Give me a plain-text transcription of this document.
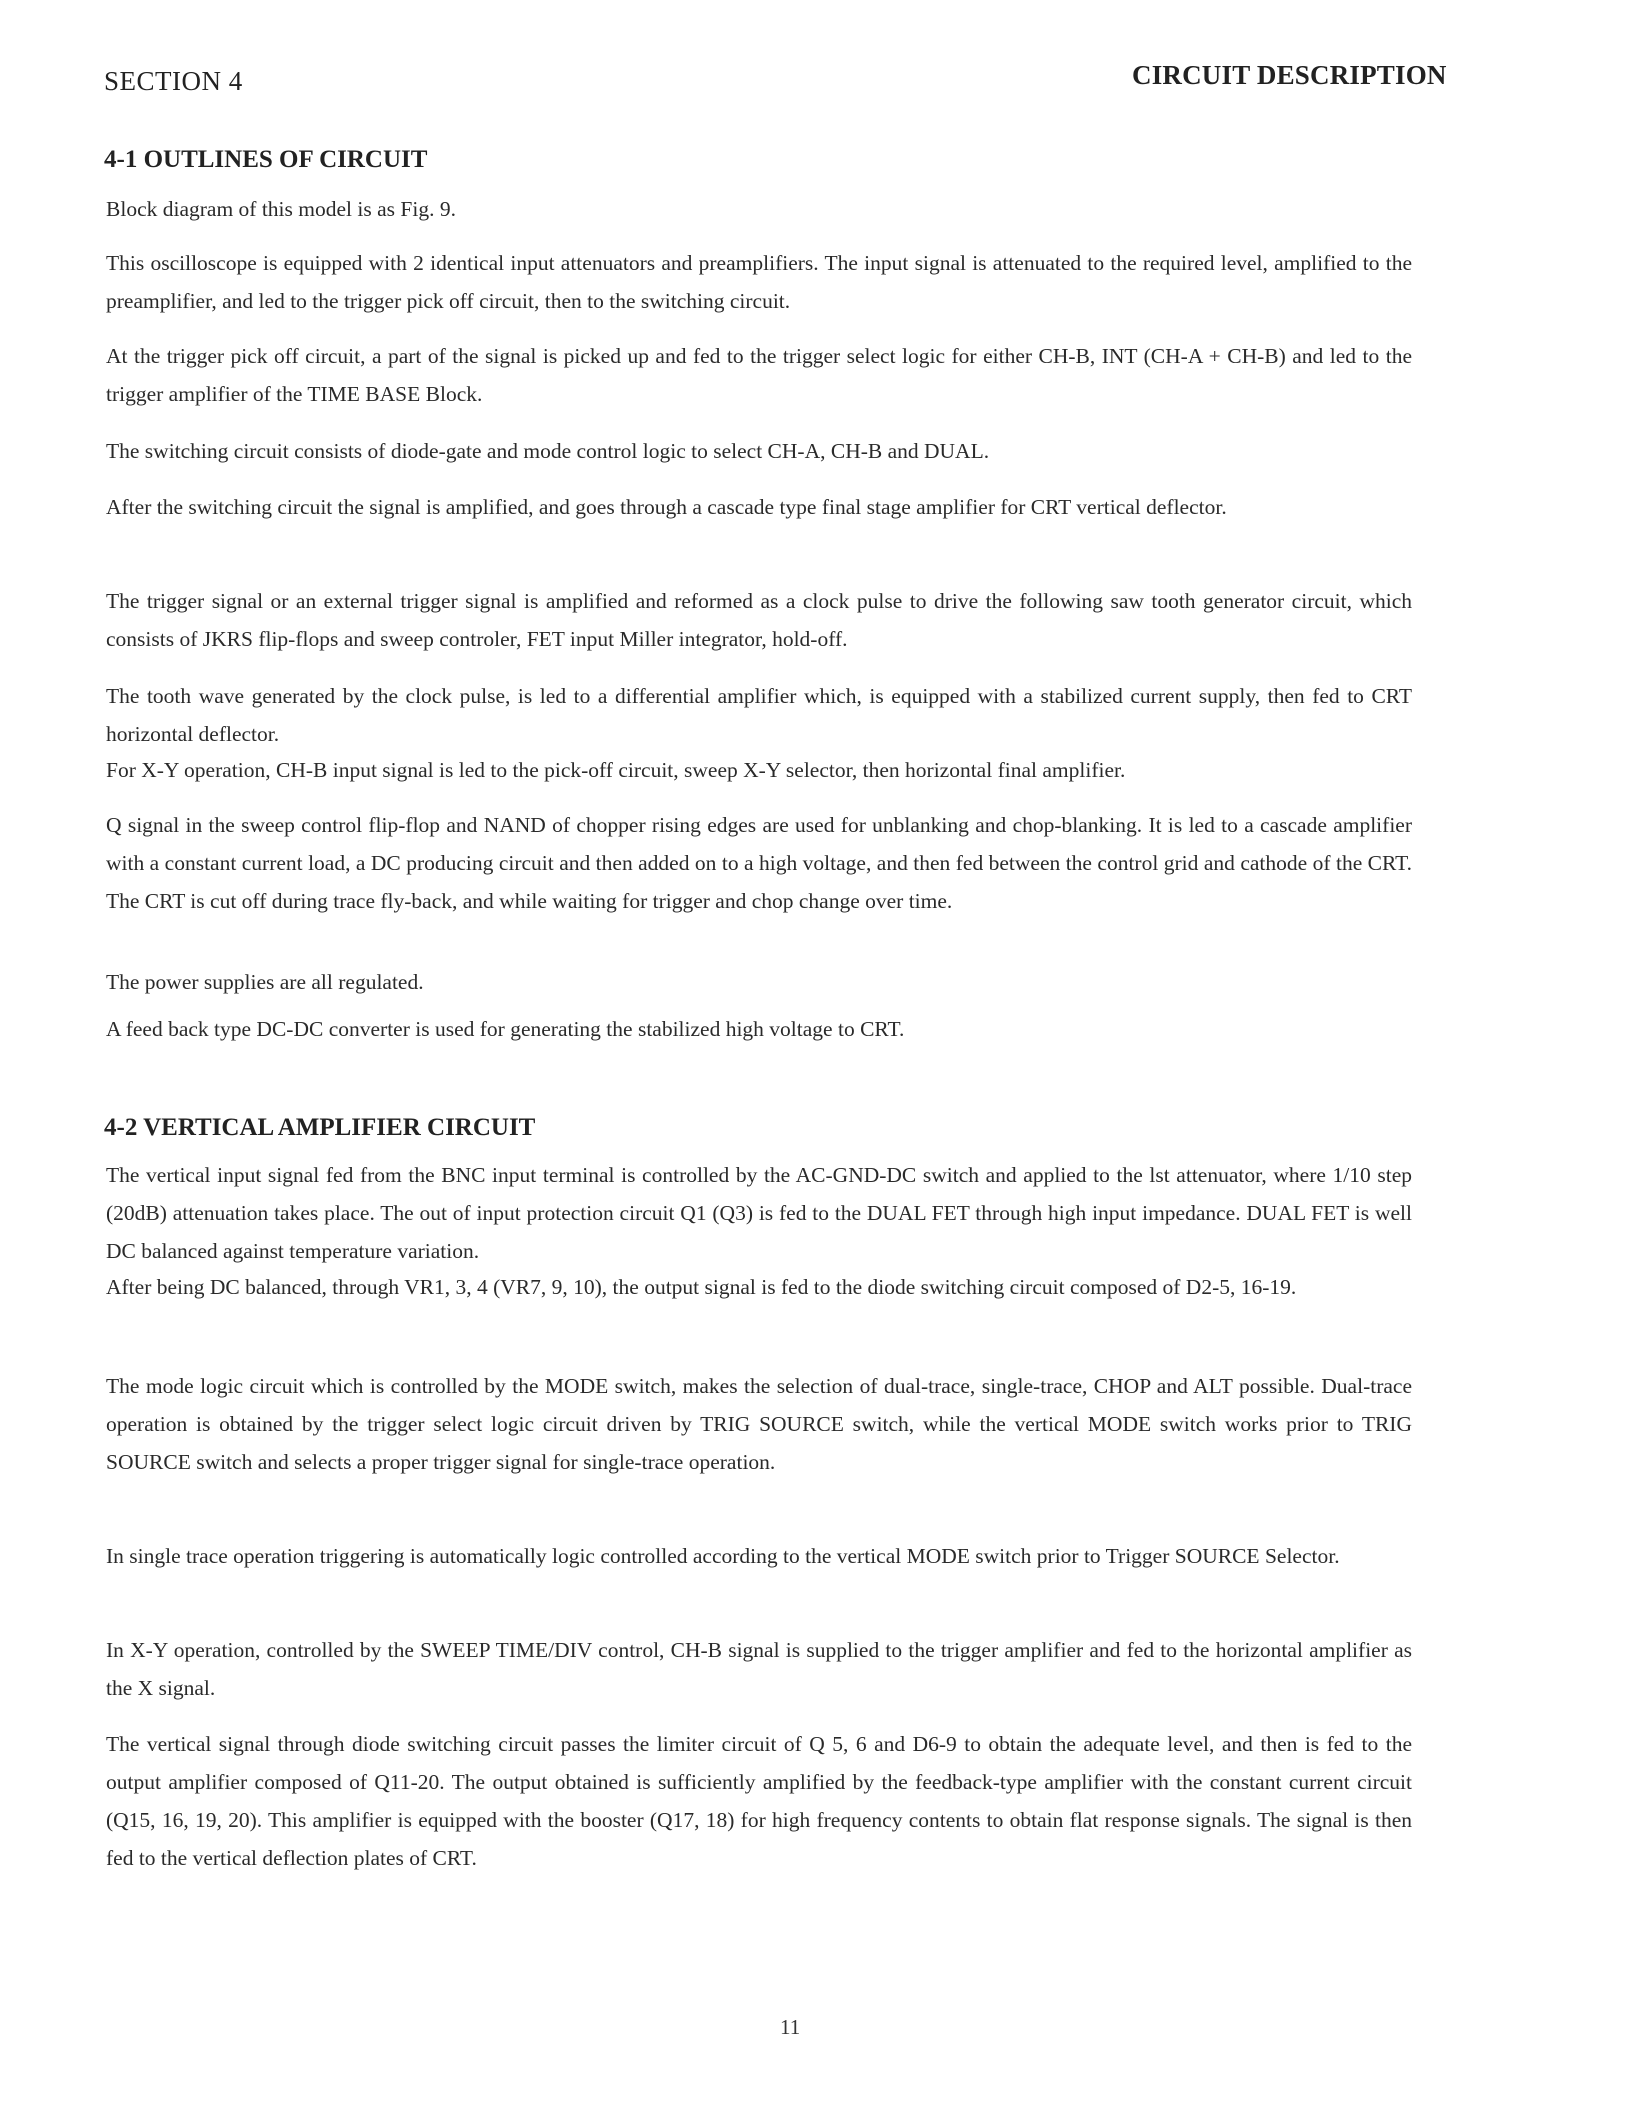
SECTION 4	CIRCUIT DESCRIPTION
4-1 OUTLINES OF CIRCUIT
Block diagram of this model is as Fig. 9.
This oscilloscope is equipped with 2 identical input attenuators and preamplifiers. The input signal is attenuated to the required level, amplified to the preamplifier, and led to the trigger pick off circuit, then to the switching circuit.
At the trigger pick off circuit, a part of the signal is picked up and fed to the trigger select logic for either CH-B, INT (CH-A + CH-B) and led to the trigger amplifier of the TIME BASE Block.
The switching circuit consists of diode-gate and mode control logic to select CH-A, CH-B and DUAL.
After the switching circuit the signal is amplified, and goes through a cascade type final stage amplifier for CRT vertical deflector.
The trigger signal or an external trigger signal is amplified and reformed as a clock pulse to drive the following saw tooth generator circuit, which consists of JKRS flip-flops and sweep controler, FET input Miller integrator, hold-off.
The tooth wave generated by the clock pulse, is led to a differential amplifier which, is equipped with a stabilized current supply, then fed to CRT horizontal deflector.
For X-Y operation, CH-B input signal is led to the pick-off circuit, sweep X-Y selector, then horizontal final amplifier.
Q signal in the sweep control flip-flop and NAND of chopper rising edges are used for unblanking and chop-blanking. It is led to a cascade amplifier with a constant current load, a DC producing circuit and then added on to a high voltage, and then fed between the control grid and cathode of the CRT. The CRT is cut off during trace fly-back, and while waiting for trigger and chop change over time.
The power supplies are all regulated.
A feed back type DC-DC converter is used for generating the stabilized high voltage to CRT.
4-2 VERTICAL AMPLIFIER CIRCUIT
The vertical input signal fed from the BNC input terminal is controlled by the AC-GND-DC switch and applied to the lst attenuator, where 1/10 step (20dB) attenuation takes place. The out of input protection circuit Q1 (Q3) is fed to the DUAL FET through high input impedance. DUAL FET is well DC balanced against temperature variation.
After being DC balanced, through VR1, 3, 4 (VR7, 9, 10), the output signal is fed to the diode switching circuit composed of D2-5, 16-19.
The mode logic circuit which is controlled by the MODE switch, makes the selection of dual-trace, single-trace, CHOP and ALT possible. Dual-trace operation is obtained by the trigger select logic circuit driven by TRIG SOURCE switch, while the vertical MODE switch works prior to TRIG SOURCE switch and selects a proper trigger signal for single-trace operation.
In single trace operation triggering is automatically logic controlled according to the vertical MODE switch prior to Trigger SOURCE Selector.
In X-Y operation, controlled by the SWEEP TIME/DIV control, CH-B signal is supplied to the trigger amplifier and fed to the horizontal amplifier as the X signal.
The vertical signal through diode switching circuit passes the limiter circuit of Q 5, 6 and D6-9 to obtain the adequate level, and then is fed to the output amplifier composed of Q11-20. The output obtained is sufficiently amplified by the feedback-type amplifier with the constant current circuit (Q15, 16, 19, 20). This amplifier is equipped with the booster (Q17, 18) for high frequency contents to obtain flat response signals. The signal is then fed to the vertical deflection plates of CRT.
11
